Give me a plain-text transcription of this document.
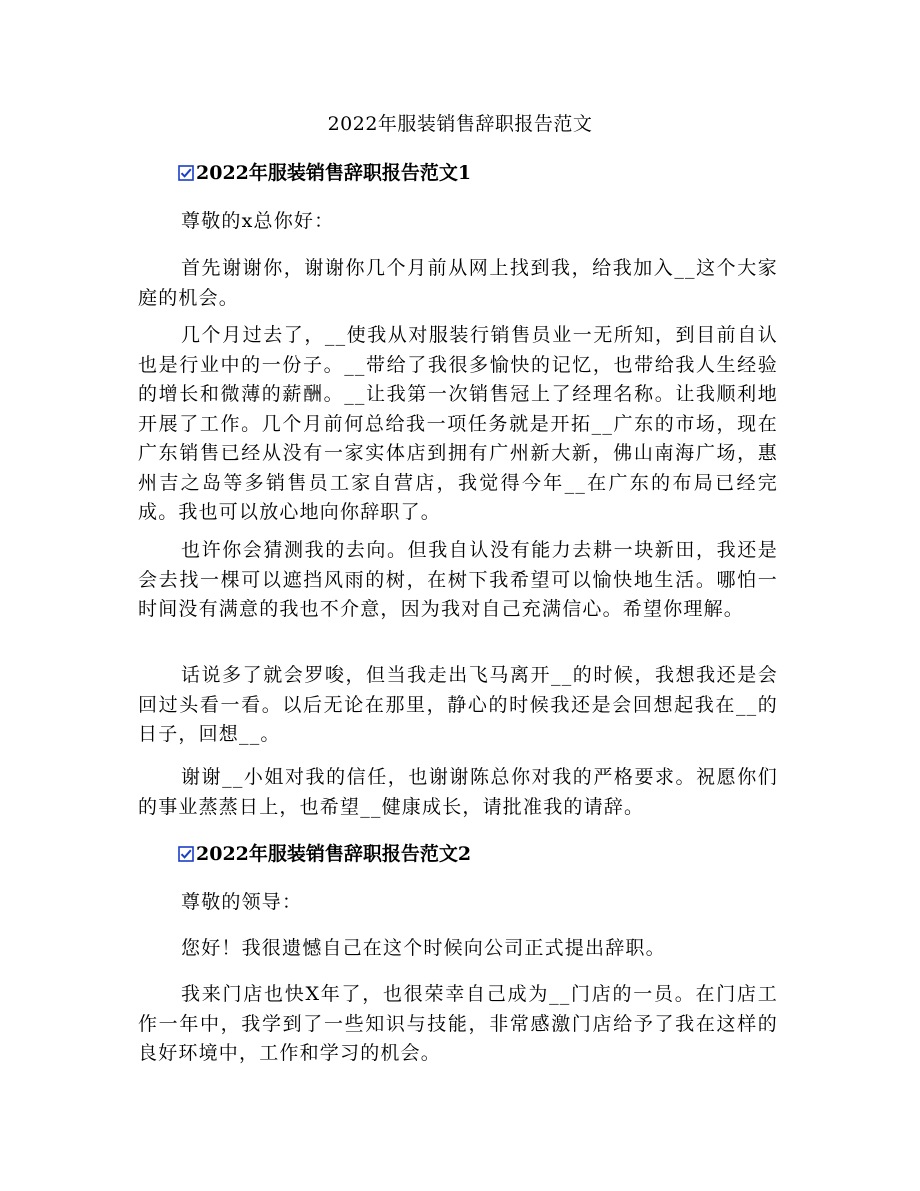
2022年服装销售辞职报告范文
2022年服装销售辞职报告范文1
尊敬的x总你好：
首先谢谢你，谢谢你几个月前从网上找到我，给我加入__这个大家庭的机会。
几个月过去了，__使我从对服装行销售员业一无所知，到目前自认也是行业中的一份子。__带给了我很多愉快的记忆，也带给我人生经验的增长和微薄的薪酬。__让我第一次销售冠上了经理名称。让我顺利地开展了工作。几个月前何总给我一项任务就是开拓__广东的市场，现在广东销售已经从没有一家实体店到拥有广州新大新，佛山南海广场，惠州吉之岛等多销售员工家自营店，我觉得今年__在广东的布局已经完成。我也可以放心地向你辞职了。
也许你会猜测我的去向。但我自认没有能力去耕一块新田，我还是会去找一棵可以遮挡风雨的树，在树下我希望可以愉快地生活。哪怕一时间没有满意的我也不介意，因为我对自己充满信心。希望你理解。
话说多了就会罗唆，但当我走出飞马离开__的时候，我想我还是会回过头看一看。以后无论在那里，静心的时候我还是会回想起我在__的日子，回想__。
谢谢__小姐对我的信任，也谢谢陈总你对我的严格要求。祝愿你们的事业蒸蒸日上，也希望__健康成长，请批准我的请辞。
2022年服装销售辞职报告范文2
尊敬的领导：
您好！我很遗憾自己在这个时候向公司正式提出辞职。
我来门店也快X年了，也很荣幸自己成为__门店的一员。在门店工作一年中，我学到了一些知识与技能，非常感激门店给予了我在这样的良好环境中，工作和学习的机会。
